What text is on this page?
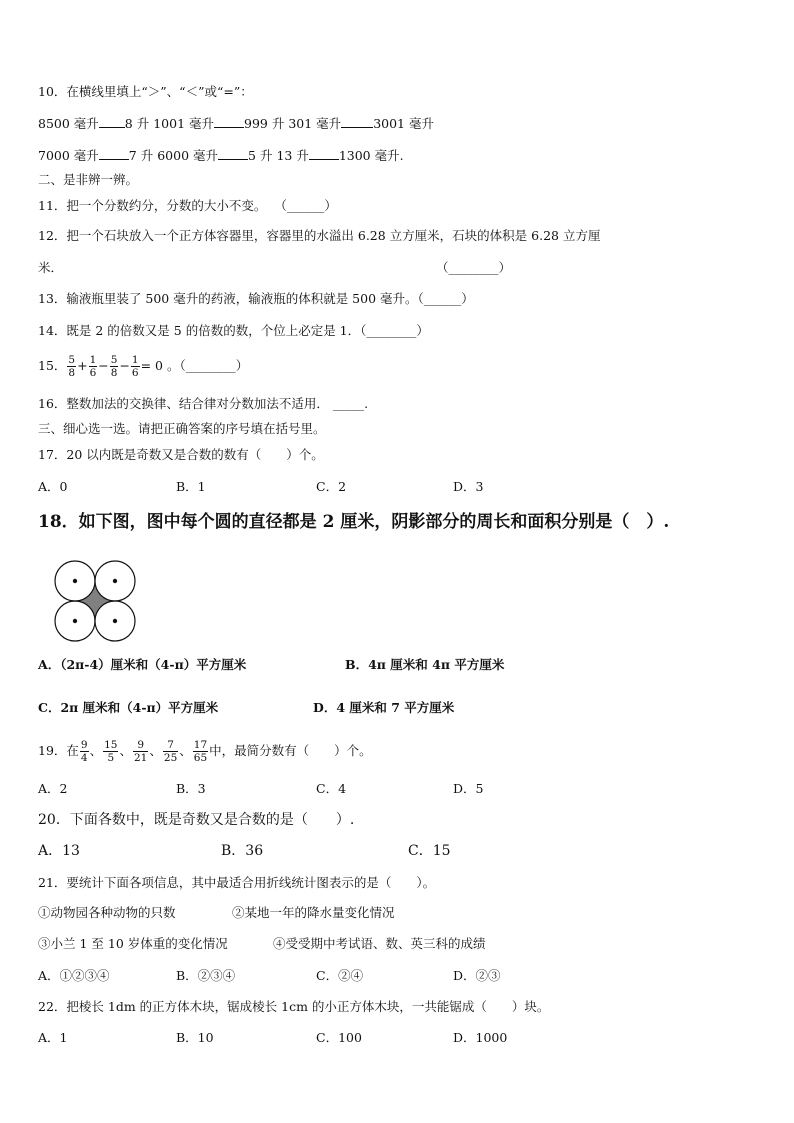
10．在横线里填上“＞”、“＜”或“=”：
8500 毫升 8 升 1001 毫升 999 升 301 毫升	3001 毫升
7000 毫升 7 升 6000 毫升 5 升 13 升 1300 毫升.
二、是非辨一辨。
11．把一个分数约分，分数的大小不变。 （______）
12．把一个石块放入一个正方体容器里，容器里的水溢出 6.28 立方厘米，石块的体积是 6.28 立方厘
米．	（________）
13．输液瓶里装了 500 毫升的药液，输液瓶的体积就是 500 毫升。（______）
14．既是 2 的倍数又是 5 的倍数的数，个位上必定是 1．（________）
15． $\frac{5}{8} + \frac{1}{6} - \frac{5}{8} - \frac{1}{6} = 0$ 。（________）
16．整数加法的交换律、结合律对分数加法不适用． _____.
三、细心选一选。请把正确答案的序号填在括号里。
17．20 以内既是奇数又是合数的数有（　　）个。
A．0	B．1	C．2	D．3
18．如下图，图中每个圆的直径都是 2 厘米，阴影部分的周长和面积分别是（　）.
A．（2π-4）厘米和（4-π）平方厘米	B．4π 厘米和 4π 平方厘米
C．2π 厘米和（4-π）平方厘米	D．4 厘米和 7 平方厘米
19．在 $\frac{9}{4}$ 、 $\frac{15}{5}$ 、 $\frac{9}{21}$ 、 $\frac{7}{25}$ 、 $\frac{17}{65}$ 中，最简分数有（　　）个。
A．2	B．3	C．4	D．5
20．下面各数中，既是奇数又是合数的是（　　）.
A．13	B．36	C．15
21．要统计下面各项信息，其中最适合用折线统计图表示的是（　　）。
①动物园各种动物的只数	②某地一年的降水量变化情况
③小兰 1 至 10 岁体重的变化情况	④受受期中考试语、数、英三科的成绩
A．①②③④	B．②③④	C．②④	D．②③
22．把棱长 1dm 的正方体木块，锯成棱长 1cm 的小正方体木块，一共能锯成（　　）块。
A．1	B．10	C．100	D．1000
